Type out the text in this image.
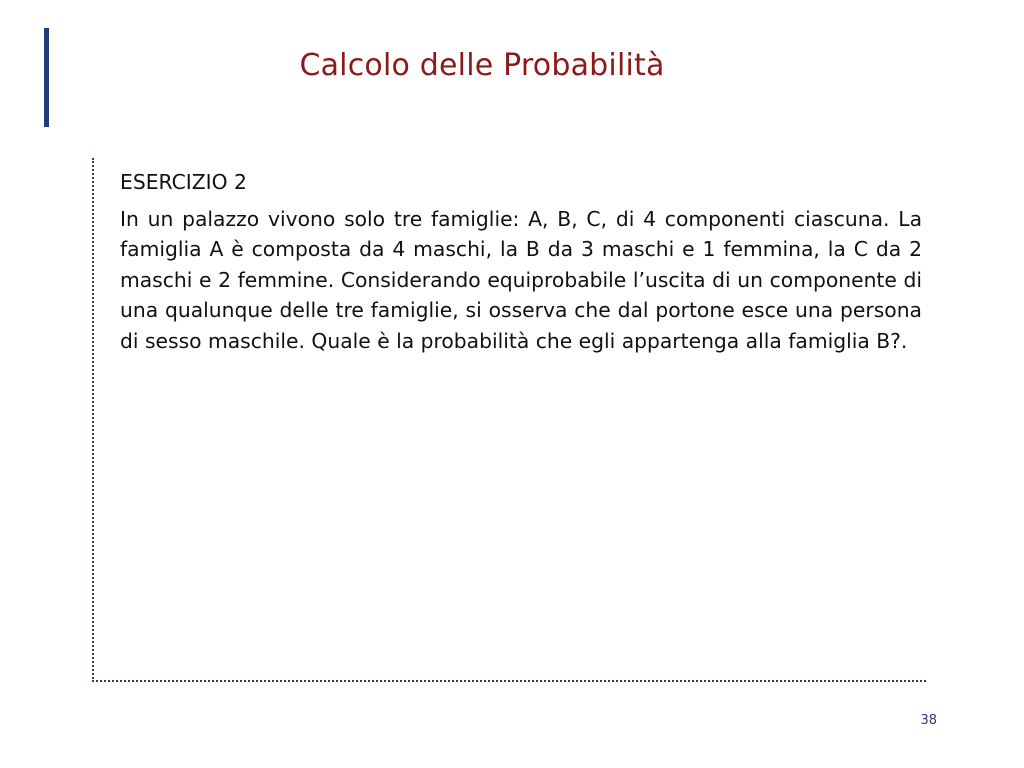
Calcolo delle Probabilità

ESERCIZIO 2

In un palazzo vivono solo tre famiglie: A, B, C, di 4 componenti ciascuna. La famiglia A è composta da 4 maschi, la B da 3 maschi e 1 femmina, la C da 2 maschi e 2 femmine. Considerando equiprobabile l’uscita di un componente di una qualunque delle tre famiglie, si osserva che dal portone esce una persona di sesso maschile. Quale è la probabilità che egli appartenga alla famiglia B?.

38
